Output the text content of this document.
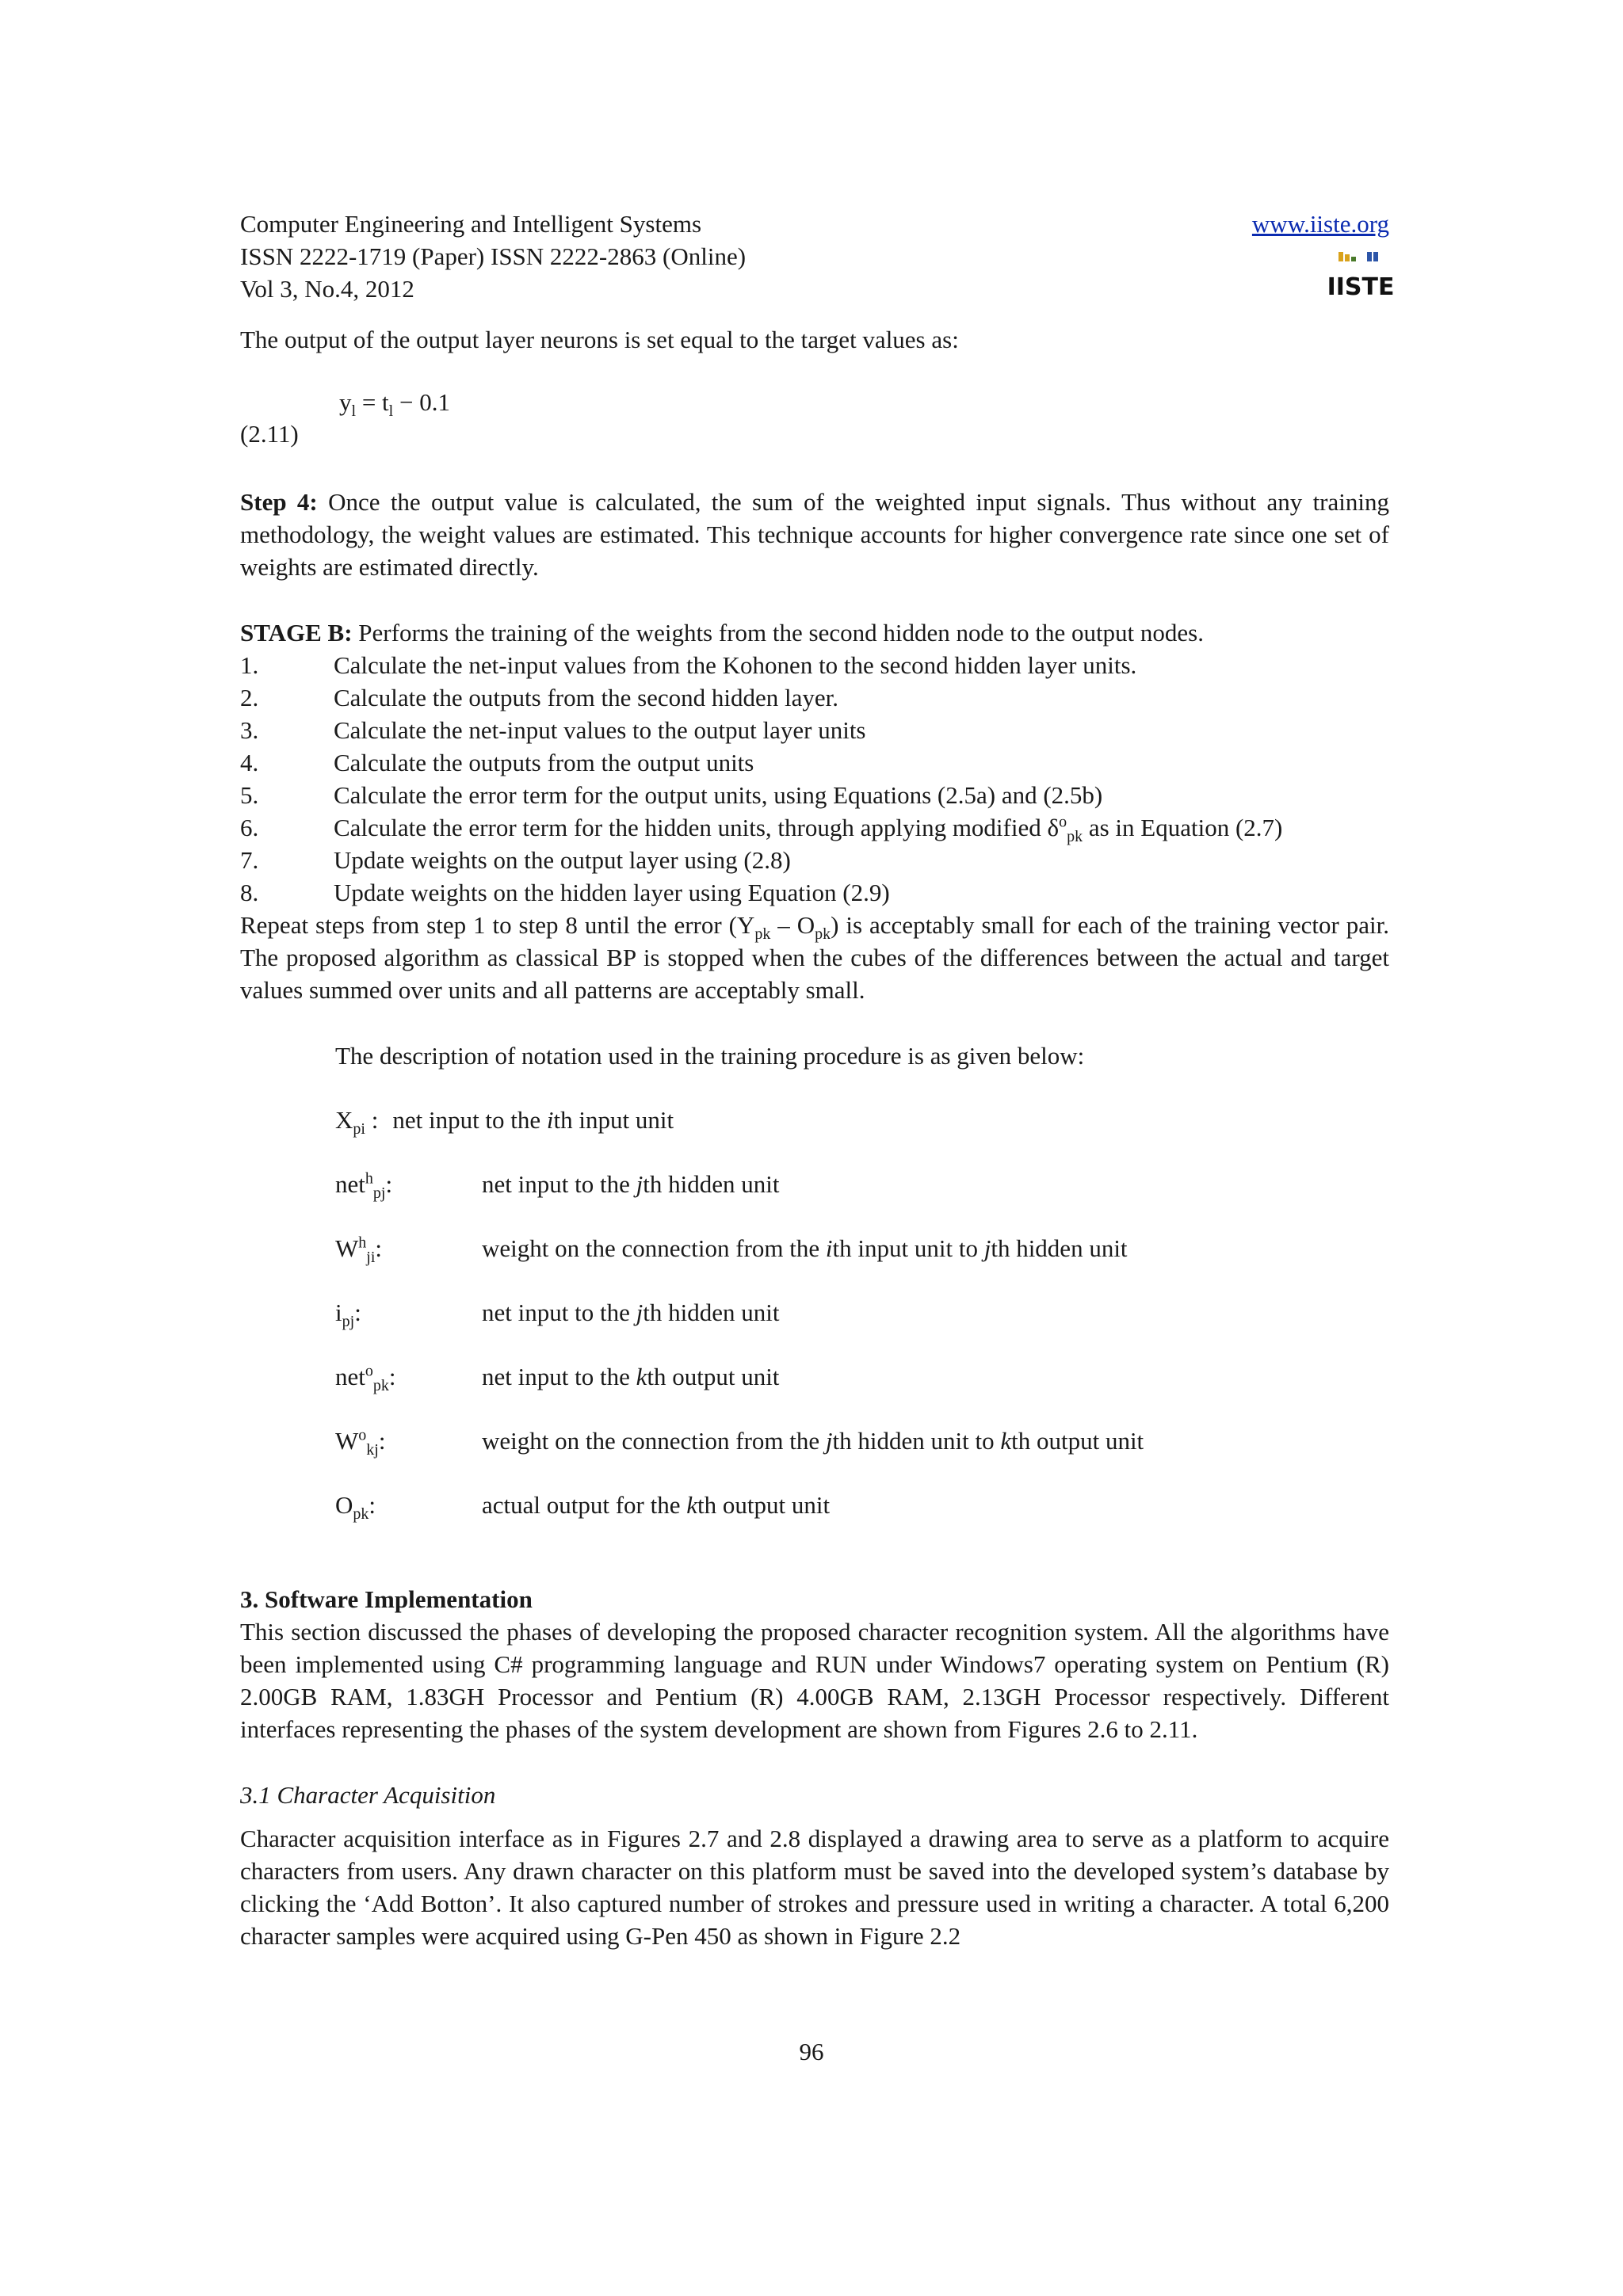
Computer Engineering and Intelligent Systems
ISSN 2222-1719 (Paper) ISSN 2222-2863 (Online)
Vol 3, No.4, 2012
www.iiste.org
IISTE

The output of the output layer neurons is set equal to the target values as:

$y_l = t_l - 0.1$
(2.11)

Step 4: Once the output value is calculated, the sum of the weighted input signals. Thus without any training methodology, the weight values are estimated. This technique accounts for higher convergence rate since one set of weights are estimated directly.

STAGE B: Performs the training of the weights from the second hidden node to the output nodes.

1.	Calculate the net-input values from the Kohonen to the second hidden layer units.
2.	Calculate the outputs from the second hidden layer.
3.	Calculate the net-input values to the output layer units
4.	Calculate the outputs from the output units
5.	Calculate the error term for the output units, using Equations (2.5a) and (2.5b)
6.	Calculate the error term for the hidden units, through applying modified $\delta^o_{pk}$ as in Equation (2.7)
7.	Update weights on the output layer using (2.8)
8.	Update weights on the hidden layer using Equation (2.9)

Repeat steps from step 1 to step 8 until the error $(Y_{pk} - O_{pk})$ is acceptably small for each of the training vector pair. The proposed algorithm as classical BP is stopped when the cubes of the differences between the actual and target values summed over units and all patterns are acceptably small.

The description of notation used in the training procedure is as given below:

$X_{pi}$ : net input to the ith input unit
net$^h_{pj}$:	net input to the jth hidden unit
$W^h_{ji}$:	weight on the connection from the ith input unit to jth hidden unit
$i_{pj}$:	net input to the jth hidden unit
net$^o_{pk}$:	net input to the kth output unit
$W^o_{kj}$:	weight on the connection from the jth hidden unit to kth output unit
$O_{pk}$:	actual output for the kth output unit

3. Software Implementation

This section discussed the phases of developing the proposed character recognition system. All the algorithms have been implemented using C# programming language and RUN under Windows7 operating system on Pentium (R) 2.00GB RAM, 1.83GH Processor and Pentium (R) 4.00GB RAM, 2.13GH Processor respectively. Different interfaces representing the phases of the system development are shown from Figures 2.6 to 2.11.

3.1 Character Acquisition

Character acquisition interface as in Figures 2.7 and 2.8 displayed a drawing area to serve as a platform to acquire characters from users. Any drawn character on this platform must be saved into the developed system’s database by clicking the ‘Add Botton’. It also captured number of strokes and pressure used in writing a character. A total 6,200 character samples were acquired using G-Pen 450 as shown in Figure 2.2

96
